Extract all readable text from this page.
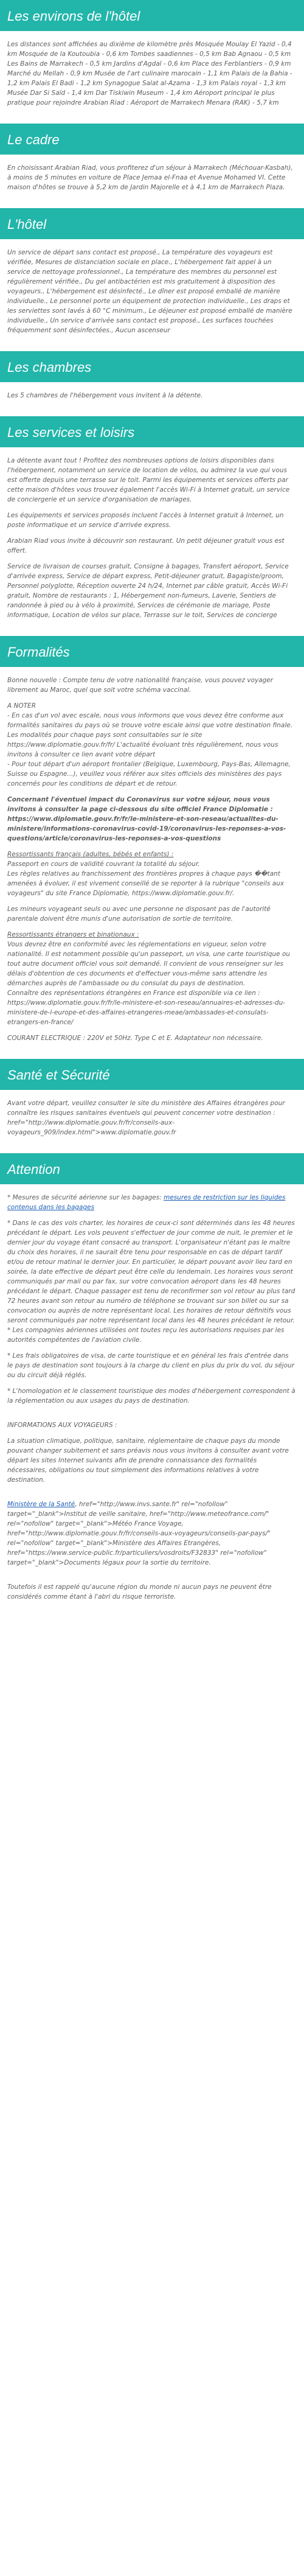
Les environs de l'hôtel

Les distances sont affichées au dixième de kilomètre près Mosquée Moulay El Yazid - 0,4 km Mosquée de la Koutoubia - 0,6 km Tombes saadiennes - 0,5 km Bab Agnaou - 0,5 km Les Bains de Marrakech - 0,5 km Jardins d'Agdal - 0,6 km Place des Ferblantiers - 0,9 km Marché du Mellah - 0,9 km Musée de l'art culinaire marocain - 1,1 km Palais de la Bahia - 1,2 km Palais El Badi - 1,2 km Synagogue Salat al-Azama - 1,3 km Palais royal - 1,3 km Musée Dar Si Saïd - 1,4 km Dar Tiskiwin Museum - 1,4 km Aéroport principal le plus pratique pour rejoindre Arabian Riad : Aéroport de Marrakech Menara (RAK) - 5,7 km

Le cadre

En choisissant Arabian Riad, vous profiterez d'un séjour à Marrakech (Méchouar-Kasbah), à moins de 5 minutes en voiture de Place Jemaa el-Fnaa et Avenue Mohamed VI. Cette maison d'hôtes se trouve à 5,2 km de Jardin Majorelle et à 4,1 km de Marrakech Plaza.

L'hôtel

Un service de départ sans contact est proposé., La température des voyageurs est vérifiée, Mesures de distanciation sociale en place., L'hébergement fait appel à un service de nettoyage professionnel., La température des membres du personnel est régulièrement vérifiée., Du gel antibactérien est mis gratuitement à disposition des voyageurs., L'hébergement est désinfecté., Le dîner est proposé emballé de manière individuelle., Le personnel porte un équipement de protection individuelle., Les draps et les serviettes sont lavés à 60 °C minimum., Le déjeuner est proposé emballé de manière individuelle., Un service d'arrivée sans contact est proposé., Les surfaces touchées fréquemment sont désinfectées., Aucun ascenseur

Les chambres

Les 5 chambres de l'hébergement vous invitent à la détente.

Les services et loisirs

La détente avant tout ! Profitez des nombreuses options de loisirs disponibles dans l'hébergement, notamment un service de location de vélos, ou admirez la vue qui vous est offerte depuis une terrasse sur le toit. Parmi les équipements et services offerts par cette maison d'hôtes vous trouvez également l'accès Wi-Fi à Internet gratuit, un service de conciergerie et un service d'organisation de mariages.

Les équipements et services proposés incluent l'accès à Internet gratuit à Internet, un poste informatique et un service d'arrivée express.

Arabian Riad vous invite à découvrir son restaurant. Un petit déjeuner gratuit vous est offert.

Service de livraison de courses gratuit, Consigne à bagages, Transfert aéroport, Service d'arrivée express, Service de départ express, Petit-déjeuner gratuit, Bagagiste/groom, Personnel polyglotte, Réception ouverte 24 h/24, Internet par câble gratuit, Accès Wi-Fi gratuit, Nombre de restaurants : 1, Hébergement non-fumeurs, Laverie, Sentiers de randonnée à pied ou à vélo à proximité, Services de cérémonie de mariage, Poste informatique, Location de vélos sur place, Terrasse sur le toit, Services de concierge

Formalités

Bonne nouvelle : Compte tenu de votre nationalité française, vous pouvez voyager librement au Maroc, quel que soit votre schéma vaccinal.

A NOTER

- En cas d'un vol avec escale, nous vous informons que vous devez être conforme aux formalités sanitaires du pays où se trouve votre escale ainsi que votre destination finale.

Les modalités pour chaque pays sont consultables sur le site https://www.diplomatie.gouv.fr/fr/ L'actualité évoluant très régulièrement, nous vous invitons à consulter ce lien avant votre départ

- Pour tout départ d'un aéroport frontalier (Belgique, Luxembourg, Pays-Bas, Allemagne, Suisse ou Espagne...), veuillez vous référer aux sites officiels des ministères des pays concernés pour les conditions de départ et de retour.

Concernant l'éventuel impact du Coronavirus sur votre séjour, nous vous invitons à consulter la page ci-dessous du site officiel France Diplomatie : https://www.diplomatie.gouv.fr/fr/le-ministere-et-son-reseau/actualites-du-ministere/informations-coronavirus-covid-19/coronavirus-les-reponses-a-vos-questions/article/coronavirus-les-reponses-a-vos-questions

Ressortissants français (adultes, bébés et enfants) :

Passeport en cours de validité couvrant la totalité du séjour.

Les règles relatives au franchissement des frontières propres à chaque pays ��tant amenées à évoluer, il est vivement conseillé de se reporter à la rubrique "conseils aux voyageurs" du site France Diplomatie, https://www.diplomatie.gouv.fr/.

Les mineurs voyageant seuls ou avec une personne ne disposant pas de l'autorité parentale doivent être munis d'une autorisation de sortie de territoire.

Ressortissants étrangers et binationaux :

Vous devrez être en conformité avec les réglementations en vigueur, selon votre nationalité. Il est notamment possible qu'un passeport, un visa, une carte touristique ou tout autre document officiel vous soit demandé. Il convient de vous renseigner sur les délais d'obtention de ces documents et d'effectuer vous-même sans attendre les démarches auprès de l'ambassade ou du consulat du pays de destination.

Connaître des représentations étrangères en France est disponible via ce lien : https://www.diplomatie.gouv.fr/fr/le-ministere-et-son-reseau/annuaires-et-adresses-du-ministere-de-l-europe-et-des-affaires-etrangeres-meae/ambassades-et-consulats-etrangers-en-france/

COURANT ELECTRIQUE : 220V et 50Hz. Type C et E. Adaptateur non nécessaire.

Santé et Sécurité

Avant votre départ, veuillez consulter le site du ministère des Affaires étrangères pour connaître les risques sanitaires éventuels qui peuvent concerner votre destination : href="http://www.diplomatie.gouv.fr/fr/conseils-aux-voyageurs_909/index.html">www.diplomatie.gouv.fr

Attention

* Mesures de sécurité aérienne sur les bagages: mesures de restriction sur les liquides contenus dans les bagages

* Dans le cas des vols charter, les horaires de ceux-ci sont déterminés dans les 48 heures précédant le départ. Les vols peuvent s'effectuer de jour comme de nuit, le premier et le dernier jour du voyage étant consacré au transport. L'organisateur n'étant pas le maître du choix des horaires, il ne saurait être tenu pour responsable en cas de départ tardif et/ou de retour matinal le dernier jour. En particulier, le départ pouvant avoir lieu tard en soirée, la date effective de départ peut être celle du lendemain. Les horaires vous seront communiqués par mail ou par fax, sur votre convocation aéroport dans les 48 heures précédant le départ. Chaque passager est tenu de reconfirmer son vol retour au plus tard 72 heures avant son retour au numéro de téléphone se trouvant sur son billet ou sur sa convocation ou auprès de notre représentant local. Les horaires de retour définitifs vous seront communiqués par notre représentant local dans les 48 heures précédant le retour.

* Les compagnies aériennes utilisées ont toutes reçu les autorisations requises par les autorités compétentes de l'aviation civile.

* Les frais obligatoires de visa, de carte touristique et en général les frais d'entrée dans le pays de destination sont toujours à la charge du client en plus du prix du vol, du séjour ou du circuit déjà réglés.

* L'homologation et le classement touristique des modes d'hébergement correspondent à la réglementation ou aux usages du pays de destination.

INFORMATIONS AUX VOYAGEURS :

La situation climatique, politique, sanitaire, réglementaire de chaque pays du monde pouvant changer subitement et sans préavis nous vous invitons à consulter avant votre départ les sites Internet suivants afin de prendre connaissance des formalités nécessaires, obligations ou tout simplement des informations relatives à votre destination.

Ministère de la Santé, href="http://www.invs.sante.fr" rel="nofollow" target="_blank">Institut de veille sanitaire, href="http://www.meteofrance.com/" rel="nofollow" target="_blank">Météo France Voyage, href="http://www.diplomatie.gouv.fr/fr/conseils-aux-voyageurs/conseils-par-pays/" rel="nofollow" target="_blank">Ministère des Affaires Etrangères, href="https://www.service-public.fr/particuliers/vosdroits/F32833" rel="nofollow" target="_blank">Documents légaux pour la sortie du territoire.

Toutefois il est rappelé qu'aucune région du monde ni aucun pays ne peuvent être considérés comme étant à l'abri du risque terroriste.
